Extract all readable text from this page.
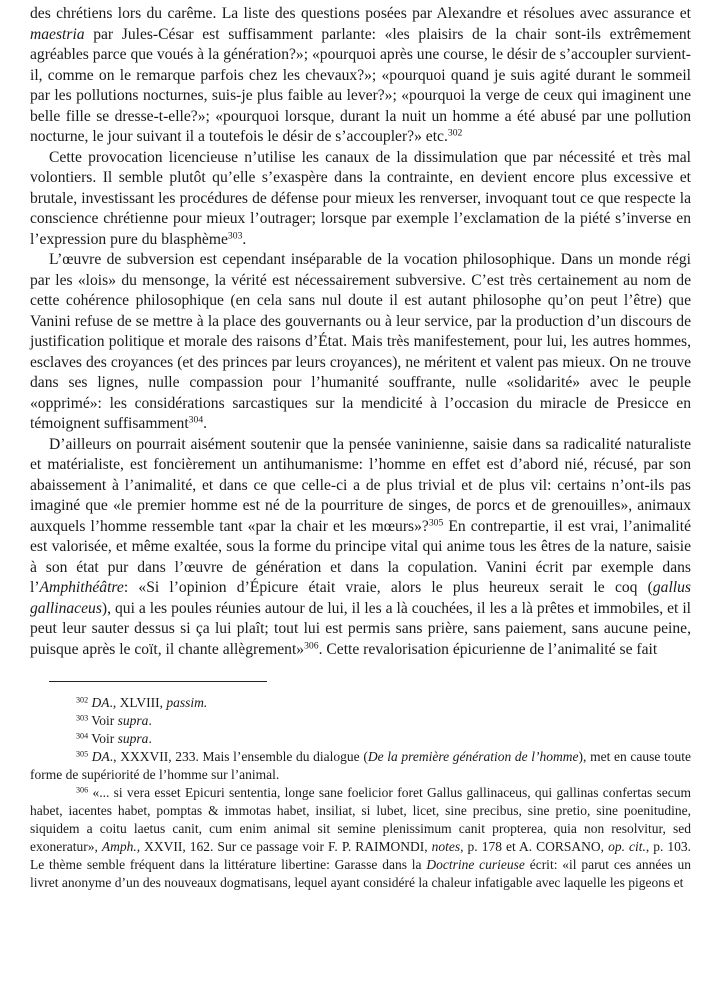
des chrétiens lors du carême. La liste des questions posées par Alexandre et résolues avec assurance et maestria par Jules-César est suffisamment parlante: «les plaisirs de la chair sont-ils extrêmement agréables parce que voués à la génération?»; «pourquoi après une course, le désir de s’accoupler survient-il, comme on le remarque parfois chez les chevaux?»; «pourquoi quand je suis agité durant le sommeil par les pollutions nocturnes, suis-je plus faible au lever?»; «pourquoi la verge de ceux qui imaginent une belle fille se dresse-t-elle?»; «pourquoi lorsque, durant la nuit un homme a été abusé par une pollution nocturne, le jour suivant il a toutefois le désir de s’accoupler?» etc.$^{302}$

Cette provocation licencieuse n’utilise les canaux de la dissimulation que par nécessité et très mal volontiers. Il semble plutôt qu’elle s’exaspère dans la contrainte, en devient encore plus excessive et brutale, investissant les procédures de défense pour mieux les renverser, invoquant tout ce que respecte la conscience chrétienne pour mieux l’outrager; lorsque par exemple l’exclamation de la piété s’inverse en l’expression pure du blasphème$^{303}$.

L’œuvre de subversion est cependant inséparable de la vocation philosophique. Dans un monde régi par les «lois» du mensonge, la vérité est nécessairement subversive. C’est très certainement au nom de cette cohérence philosophique (en cela sans nul doute il est autant philosophe qu’on peut l’être) que Vanini refuse de se mettre à la place des gouvernants ou à leur service, par la production d’un discours de justification politique et morale des raisons d’État. Mais très manifestement, pour lui, les autres hommes, esclaves des croyances (et des princes par leurs croyances), ne méritent et valent pas mieux. On ne trouve dans ses lignes, nulle compassion pour l’humanité souffrante, nulle «solidarité» avec le peuple «opprimé»: les considérations sarcastiques sur la mendicité à l’occasion du miracle de Presicce en témoignent suffisamment$^{304}$.

D’ailleurs on pourrait aisément soutenir que la pensée vaninienne, saisie dans sa radicalité naturaliste et matérialiste, est foncièrement un antihumanisme: l’homme en effet est d’abord nié, récusé, par son abaissement à l’animalité, et dans ce que celle-ci a de plus trivial et de plus vil: certains n’ont-ils pas imaginé que «le premier homme est né de la pourriture de singes, de porcs et de grenouilles», animaux auxquels l’homme ressemble tant «par la chair et les mœurs»?$^{305}$ En contrepartie, il est vrai, l’animalité est valorisée, et même exaltée, sous la forme du principe vital qui anime tous les êtres de la nature, saisie à son état pur dans l’œuvre de génération et dans la copulation. Vanini écrit par exemple dans l’Amphithéâtre: «Si l’opinion d’Épicure était vraie, alors le plus heureux serait le coq (gallus gallinaceus), qui a les poules réunies autour de lui, il les a là couchées, il les a là prêtes et immobiles, et il peut leur sauter dessus si ça lui plaît; tout lui est permis sans prière, sans paiement, sans aucune peine, puisque après le coït, il chante allègrement»$^{306}$. Cette revalorisation épicurienne de l’animalité se fait

$^{302}$ DA., XLVIII, passim.

$^{303}$ Voir supra.

$^{304}$ Voir supra.

$^{305}$ DA., XXXVII, 233. Mais l’ensemble du dialogue (De la première génération de l’homme), met en cause toute forme de supériorité de l’homme sur l’animal.

$^{306}$ «... si vera esset Epicuri sententia, longe sane foelicior foret Gallus gallinaceus, qui gallinas confertas secum habet, iacentes habet, pomptas & immotas habet, insiliat, si lubet, licet, sine precibus, sine pretio, sine poenitudine, siquidem a coitu laetus canit, cum enim animal sit semine plenissimum canit propterea, quia non resolvitur, sed exoneratur», Amph., XXVII, 162. Sur ce passage voir F. P. RAIMONDI, notes, p. 178 et A. CORSANO, op. cit., p. 103. Le thème semble fréquent dans la littérature libertine: Garasse dans la Doctrine curieuse écrit: «il parut ces années un livret anonyme d’un des nouveaux dogmatisans, lequel ayant considéré la chaleur infatigable avec laquelle les pigeons et
